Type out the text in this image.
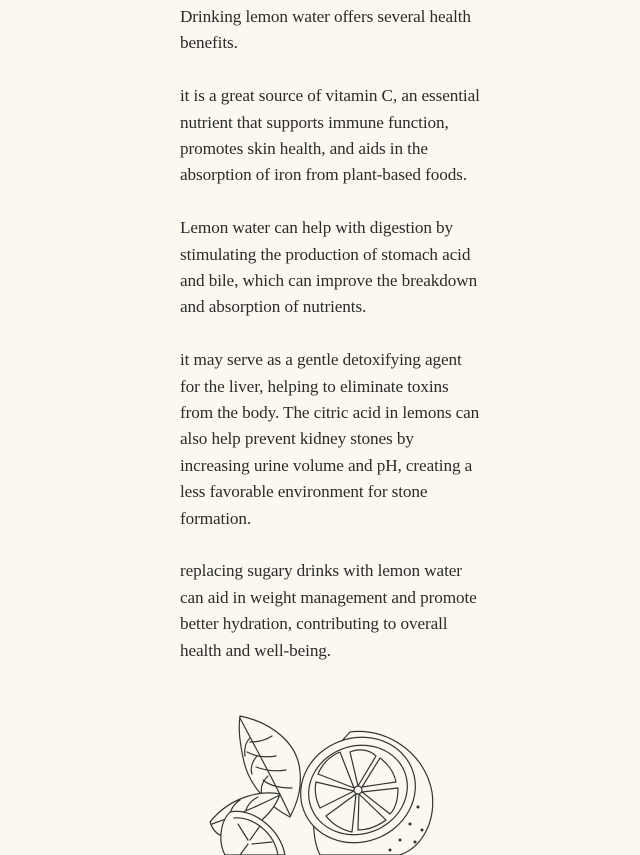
Drinking lemon water offers several health benefits.

it is a great source of vitamin C, an essential nutrient that supports immune function, promotes skin health, and aids in the absorption of iron from plant-based foods.

Lemon water can help with digestion by stimulating the production of stomach acid and bile, which can improve the breakdown and absorption of nutrients.

it may serve as a gentle detoxifying agent for the liver, helping to eliminate toxins from the body. The citric acid in lemons can also help prevent kidney stones by increasing urine volume and pH, creating a less favorable environment for stone formation.

replacing sugary drinks with lemon water can aid in weight management and promote better hydration, contributing to overall health and well-being.
